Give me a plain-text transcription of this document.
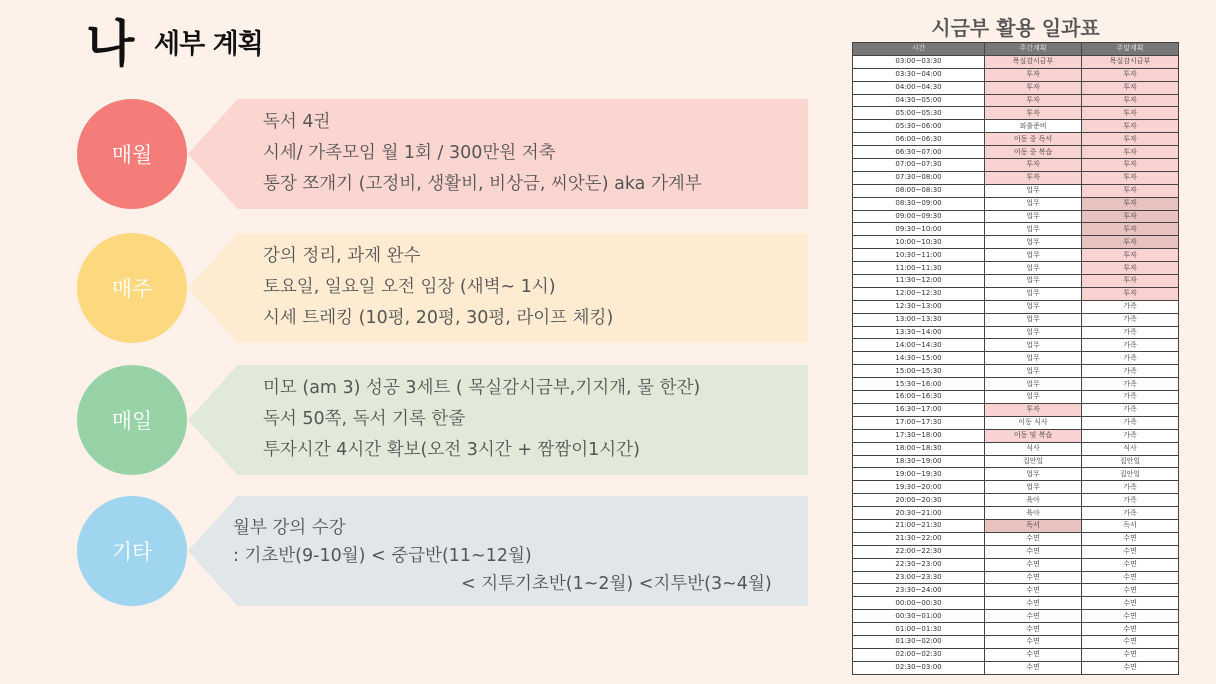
나 세부 계획
매월
독서 4권
시세/ 가족모임 월 1회 / 300만원 저축
통장 쪼개기 (고정비, 생활비, 비상금, 씨앗돈) aka 가계부
매주
강의 정리, 과제 완수
토요일, 일요일 오전 임장 (새벽~ 1시)
시세 트레킹 (10평, 20평, 30평, 라이프 체킹)
매일
미모 (am 3) 성공 3세트 ( 목실감시금부,기지개, 물 한잔)
독서 50쪽, 독서 기록 한줄
투자시간 4시간 확보(오전 3시간 + 짬짬이1시간)
기타
월부 강의 수강
: 기초반(9-10월) < 중급반(11~12월)
< 지투기초반(1~2월) <지투반(3~4월)
시금부 활용 일과표
시간	주간계획	주말계획
03:00~03:30	목실감시금부	목실감시금부
03:30~04:00	투자	투자
04:00~04:30	투자	투자
04:30~05:00	투자	투자
05:00~05:30	투자	투자
05:30~06:00	외출준비	투자
06:00~06:30	이동 중 독서	투자
06:30~07:00	이동 중 복습	투자
07:00~07:30	투자	투자
07:30~08:00	투자	투자
08:00~08:30	업무	투자
08:30~09:00	업무	투자
09:00~09:30	업무	투자
09:30~10:00	업무	투자
10:00~10:30	업무	투자
10:30~11:00	업무	투자
11:00~11:30	업무	투자
11:30~12:00	업무	투자
12:00~12:30	업무	투자
12:30~13:00	업무	가족
13:00~13:30	업무	가족
13:30~14:00	업무	가족
14:00~14:30	업무	가족
14:30~15:00	업무	가족
15:00~15:30	업무	가족
15:30~16:00	업무	가족
16:00~16:30	업무	가족
16:30~17:00	투자	가족
17:00~17:30	이동 식사	가족
17:30~18:00	이동 및 복습	가족
18:00~18:30	식사	식사
18:30~19:00	집안일	집안일
19:00~19:30	업무	집안일
19:30~20:00	업무	가족
20:00~20:30	육아	가족
20:30~21:00	육아	가족
21:00~21:30	독서	독서
21:30~22:00	수면	수면
22:00~22:30	수면	수면
22:30~23:00	수면	수면
23:00~23:30	수면	수면
23:30~24:00	수면	수면
00:00~00:30	수면	수면
00:30~01:00	수면	수면
01:00~01:30	수면	수면
01:30~02:00	수면	수면
02:00~02:30	수면	수면
02:30~03:00	수면	수면
